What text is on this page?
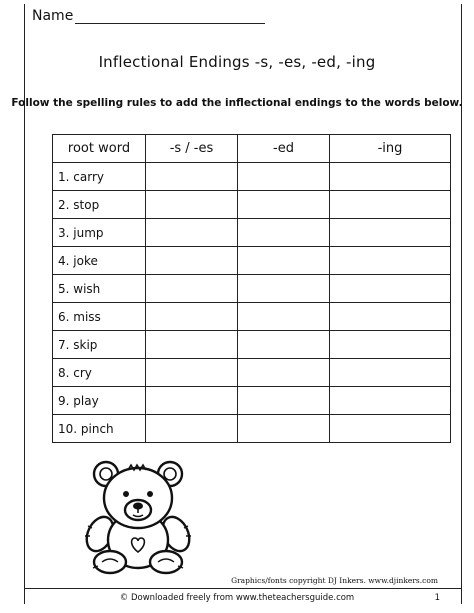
Name
Inflectional Endings -s, -es, -ed, -ing
Follow the spelling rules to add the inflectional endings to the words below.
root word	-s / -es	-ed	-ing
1. carry			
2. stop			
3. jump			
4. joke			
5. wish			
6. miss			
7. skip			
8. cry			
9. play			
10. pinch			
Graphics/fonts copyright DJ Inkers. www.djinkers.com
© Downloaded freely from www.theteachersguide.com	1
